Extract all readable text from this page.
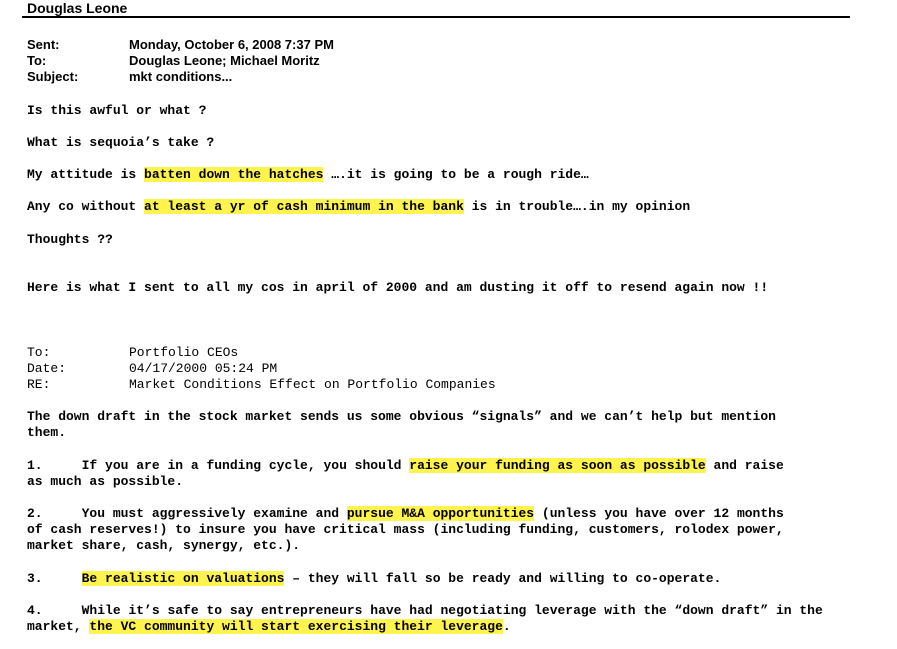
Douglas Leone
Sent:	Monday, October 6, 2008 7:37 PM
To:	Douglas Leone; Michael Moritz
Subject:	mkt conditions...
Is this awful or what ?
What is sequoia’s take ?
My attitude is batten down the hatches ….it is going to be a rough ride…
Any co without at least a yr of cash minimum in the bank is in trouble….in my opinion
Thoughts ??
Here is what I sent to all my cos in april of 2000 and am dusting it off to resend again now !!
To:	Portfolio CEOs
Date:	04/17/2000 05:24 PM
RE:	Market Conditions Effect on Portfolio Companies
The down draft in the stock market sends us some obvious “signals” and we can’t help but mention them.
1.	If you are in a funding cycle, you should raise your funding as soon as possible and raise as much as possible.
2.	You must aggressively examine and pursue M&A opportunities (unless you have over 12 months of cash reserves!) to insure you have critical mass (including funding, customers, rolodex power, market share, cash, synergy, etc.).
3.	Be realistic on valuations – they will fall so be ready and willing to co-operate.
4.	While it’s safe to say entrepreneurs have had negotiating leverage with the “down draft” in the market, the VC community will start exercising their leverage.
